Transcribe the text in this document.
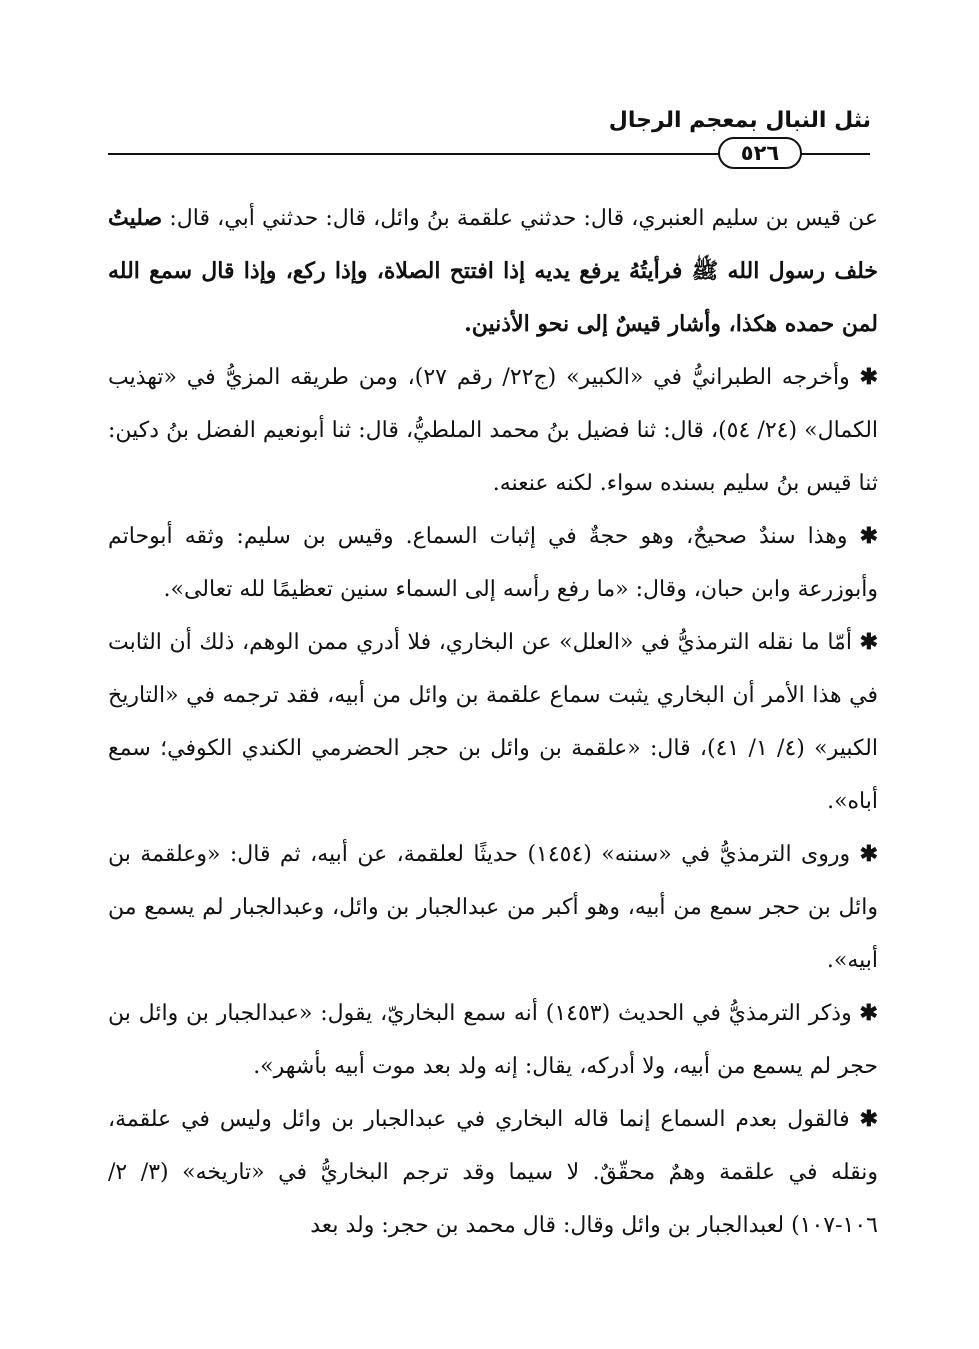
نثل النبال بمعجم الرجال
٥٢٦

عن قيس بن سليم العنبري، قال: حدثني علقمة بنُ وائل، قال: حدثني أبي، قال: صليتُ خلف رسول الله ﷺ فرأيتُهُ يرفع يديه إذا افتتح الصلاة، وإذا ركع، وإذا قال سمع الله لمن حمده هكذا، وأشار قيسٌ إلى نحو الأذنين.

✱ وأخرجه الطبرانيُّ في «الكبير» (ج٢٢/ رقم ٢٧)، ومن طريقه المزيُّ في «تهذيب الكمال» (٢٤/ ٥٤)، قال: ثنا فضيل بنُ محمد الملطيُّ، قال: ثنا أبونعيم الفضل بنُ دكين: ثنا قيس بنُ سليم بسنده سواء. لكنه عنعنه.

✱ وهذا سندٌ صحيحٌ، وهو حجةٌ في إثبات السماع. وقيس بن سليم: وثقه أبوحاتم وأبوزرعة وابن حبان، وقال: «ما رفع رأسه إلى السماء سنين تعظيمًا لله تعالى».

✱ أمّا ما نقله الترمذيُّ في «العلل» عن البخاري، فلا أدري ممن الوهم، ذلك أن الثابت في هذا الأمر أن البخاري يثبت سماع علقمة بن وائل من أبيه، فقد ترجمه في «التاريخ الكبير» (٤/ ١/ ٤١)، قال: «علقمة بن وائل بن حجر الحضرمي الكندي الكوفي؛ سمع أباه».

✱ وروى الترمذيُّ في «سننه» (١٤٥٤) حديثًا لعلقمة، عن أبيه، ثم قال: «وعلقمة بن وائل بن حجر سمع من أبيه، وهو أكبر من عبدالجبار بن وائل، وعبدالجبار لم يسمع من أبيه».

✱ وذكر الترمذيُّ في الحديث (١٤٥٣) أنه سمع البخاريّ، يقول: «عبدالجبار بن وائل بن حجر لم يسمع من أبيه، ولا أدركه، يقال: إنه ولد بعد موت أبيه بأشهر».

✱ فالقول بعدم السماع إنما قاله البخاري في عبدالجبار بن وائل وليس في علقمة، ونقله في علقمة وهمٌ محقّقٌ. لا سيما وقد ترجم البخاريُّ في «تاريخه» (٣/ ٢/ ١٠٦-١٠٧) لعبدالجبار بن وائل وقال: قال محمد بن حجر: ولد بعد
